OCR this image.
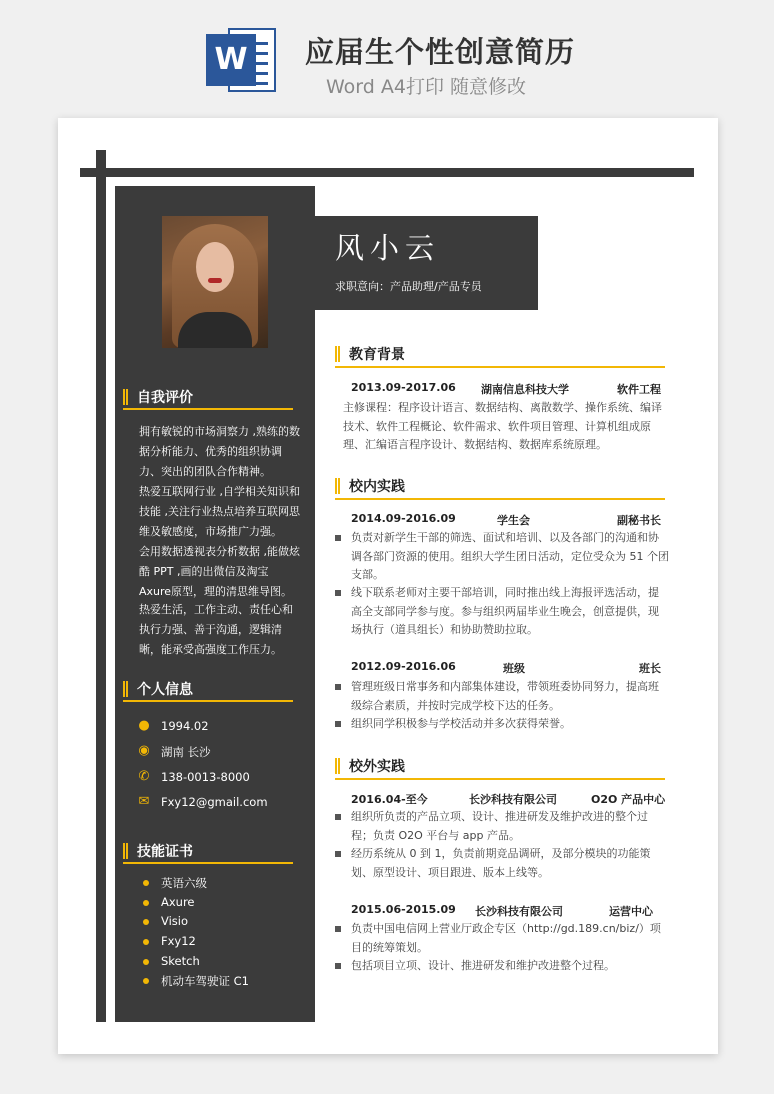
W 应届生个性创意简历
Word A4打印 随意修改
自我评价
拥有敏锐的市场洞察力 ,熟练的数据分析能力、优秀的组织协调力、突出的团队合作精神。
热爱互联网行业 ,自学相关知识和技能 ,关注行业热点培养互联网思维及敏感度，市场推广力强。
会用数据透视表分析数据 ,能做炫酷 PPT ,画的出微信及淘宝 Axure原型，理的清思维导图。
热爱生活，工作主动、责任心和执行力强、善于沟通，逻辑清晰，能承受高强度工作压力。
个人信息
● 1994.02
◉ 湖南 长沙
✆ 138-0013-8000
✉ Fxy12@gmail.com
技能证书
英语六级
Axure
Visio
Fxy12
Sketch
机动车驾驶证 C1
风小云
求职意向：产品助理/产品专员
教育背景
2013.09-2017.06 湖南信息科技大学	软件工程
主修课程：程序设计语言、数据结构、离散数学、操作系统、编译技术、软件工程概论、软件需求、软件项目管理、计算机组成原理、汇编语言程序设计、数据结构、数据库系统原理。
校内实践
2014.09-2016.09	学生会	副秘书长
负责对新学生干部的筛选、面试和培训、以及各部门的沟通和协调各部门资源的使用。组织大学生团日活动，定位受众为 51 个团支部。
线下联系老师对主要干部培训，同时推出线上海报评选活动，提高全支部同学参与度。参与组织两届毕业生晚会，创意提供，现场执行（道具组长）和协助赞助拉取。
2012.09-2016.06	班级	班长
管理班级日常事务和内部集体建设，带领班委协同努力，提高班级综合素质，并按时完成学校下达的任务。
组织同学积极参与学校活动并多次获得荣誉。
校外实践
2016.04-至今	长沙科技有限公司	O2O 产品中心
组织所负责的产品立项、设计、推进研发及维护改进的整个过程；负责 O2O 平台与 app 产品。
经历系统从 0 到 1，负责前期竞品调研，及部分模块的功能策划、原型设计、项目跟进、版本上线等。
2015.06-2015.09 长沙科技有限公司	运营中心
负责中国电信网上营业厅政企专区（http://gd.189.cn/biz/）项目的统筹策划。
包括项目立项、设计、推进研发和维护改进整个过程。
